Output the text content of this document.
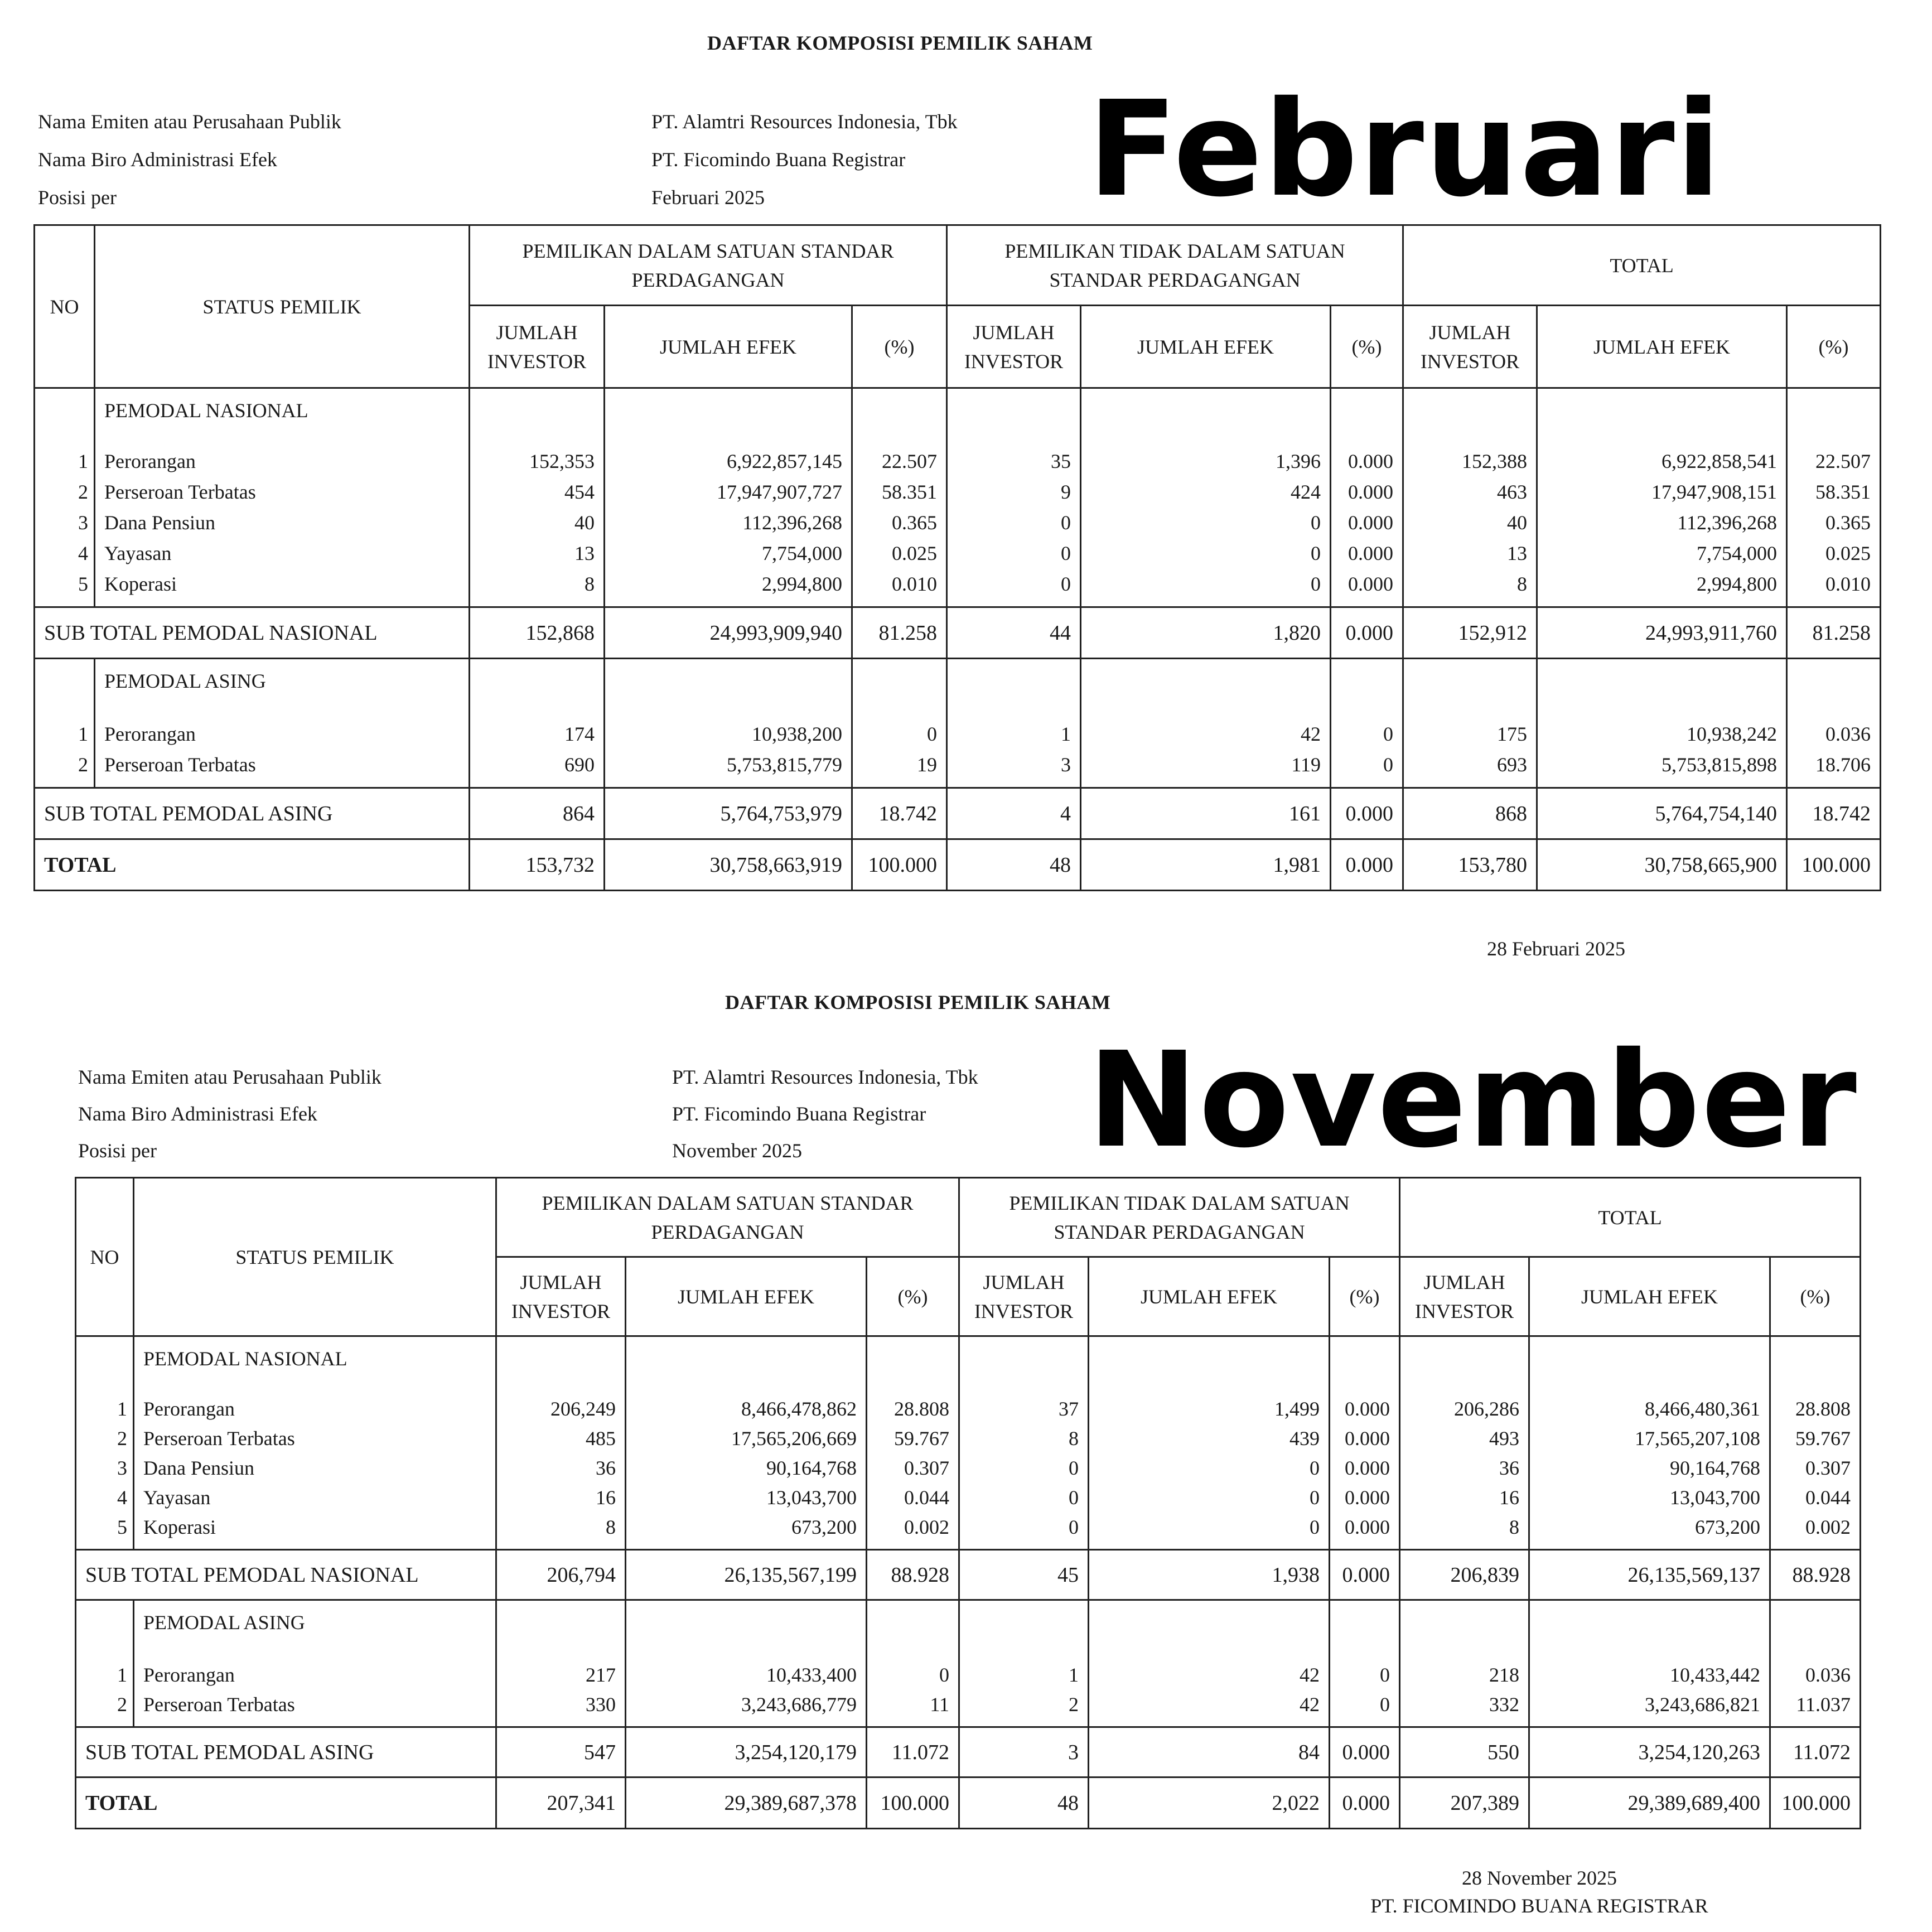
DAFTAR KOMPOSISI PEMILIK SAHAM
Nama Emiten atau Perusahaan Publik	PT. Alamtri Resources Indonesia, Tbk
Nama Biro Administrasi Efek	PT. Ficomindo Buana Registrar
Posisi per	Februari 2025 Februari
NO	STATUS PEMILIK	PEMILIKAN DALAM SATUAN STANDAR PERDAGANGAN			PEMILIKAN TIDAK DALAM SATUAN STANDAR PERDAGANGAN			TOTAL		
		JUMLAH INVESTOR	JUMLAH EFEK	(%)	JUMLAH INVESTOR	JUMLAH EFEK	(%)	JUMLAH INVESTOR	JUMLAH EFEK	(%)
	PEMODAL NASIONAL									
1	Perorangan	152,353	6,922,857,145	22.507	35	1,396	0.000	152,388	6,922,858,541	22.507
2	Perseroan Terbatas	454	17,947,907,727	58.351	9	424	0.000	463	17,947,908,151	58.351
3	Dana Pensiun	40	112,396,268	0.365	0	0	0.000	40	112,396,268	0.365
4	Yayasan	13	7,754,000	0.025	0	0	0.000	13	7,754,000	0.025
5	Koperasi	8	2,994,800	0.010	0	0	0.000	8	2,994,800	0.010

SUB TOTAL PEMODAL NASIONAL		152,868	24,993,909,940	81.258	44	1,820	0.000	152,912	24,993,911,760	81.258
	PEMODAL ASING									
1	Perorangan	174	10,938,200	0	1	42	0	175	10,938,242	0.036
2	Perseroan Terbatas	690	5,753,815,779	19	3	119	0	693	5,753,815,898	18.706

SUB TOTAL PEMODAL ASING		864	5,764,753,979	18.742	4	161	0.000	868	5,764,754,140	18.742
TOTAL		153,732	30,758,663,919	100.000	48	1,981	0.000	153,780	30,758,665,900	100.000
28 Februari 2025
DAFTAR KOMPOSISI PEMILIK SAHAM
Nama Emiten atau Perusahaan Publik	PT. Alamtri Resources Indonesia, Tbk
Nama Biro Administrasi Efek	PT. Ficomindo Buana Registrar
Posisi per	November 2025 November
NO	STATUS PEMILIK	PEMILIKAN DALAM SATUAN STANDAR PERDAGANGAN			PEMILIKAN TIDAK DALAM SATUAN STANDAR PERDAGANGAN			TOTAL		
		JUMLAH INVESTOR	JUMLAH EFEK	(%)	JUMLAH INVESTOR	JUMLAH EFEK	(%)	JUMLAH INVESTOR	JUMLAH EFEK	(%)
	PEMODAL NASIONAL									
1	Perorangan	206,249	8,466,478,862	28.808	37	1,499	0.000	206,286	8,466,480,361	28.808
2	Perseroan Terbatas	485	17,565,206,669	59.767	8	439	0.000	493	17,565,207,108	59.767
3	Dana Pensiun	36	90,164,768	0.307	0	0	0.000	36	90,164,768	0.307
4	Yayasan	16	13,043,700	0.044	0	0	0.000	16	13,043,700	0.044
5	Koperasi	8	673,200	0.002	0	0	0.000	8	673,200	0.002

SUB TOTAL PEMODAL NASIONAL		206,794	26,135,567,199	88.928	45	1,938	0.000	206,839	26,135,569,137	88.928
	PEMODAL ASING									
1	Perorangan	217	10,433,400	0	1	42	0	218	10,433,442	0.036
2	Perseroan Terbatas	330	3,243,686,779	11	2	42	0	332	3,243,686,821	11.037

SUB TOTAL PEMODAL ASING		547	3,254,120,179	11.072	3	84	0.000	550	3,254,120,263	11.072
TOTAL		207,341	29,389,687,378	100.000	48	2,022	0.000	207,389	29,389,689,400	100.000
28 November 2025
PT. FICOMINDO BUANA REGISTRAR
